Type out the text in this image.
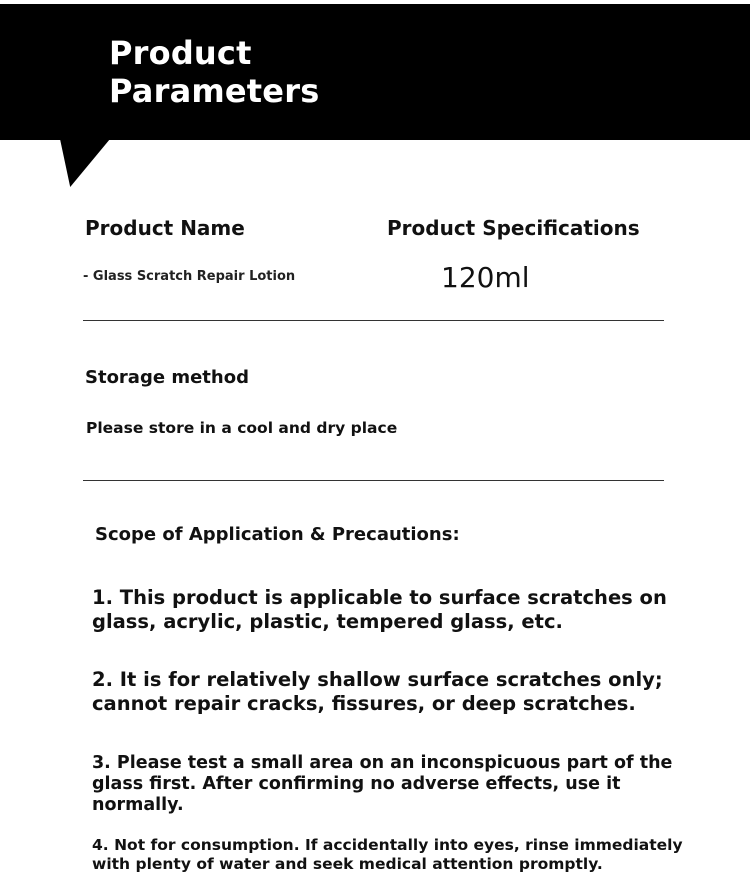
Product
Parameters
Product Name	Product Specifications
- Glass Scratch Repair Lotion	120ml
Storage method
Please store in a cool and dry place
Scope of Application & Precautions:

1. This product is applicable to surface scratches on glass, acrylic, plastic, tempered glass, etc.

2. It is for relatively shallow surface scratches only; cannot repair cracks, fissures, or deep scratches.

3. Please test a small area on an inconspicuous part of the glass first. After confirming no adverse effects, use it normally.

4. Not for consumption. If accidentally into eyes, rinse immediately with plenty of water and seek medical attention promptly.
